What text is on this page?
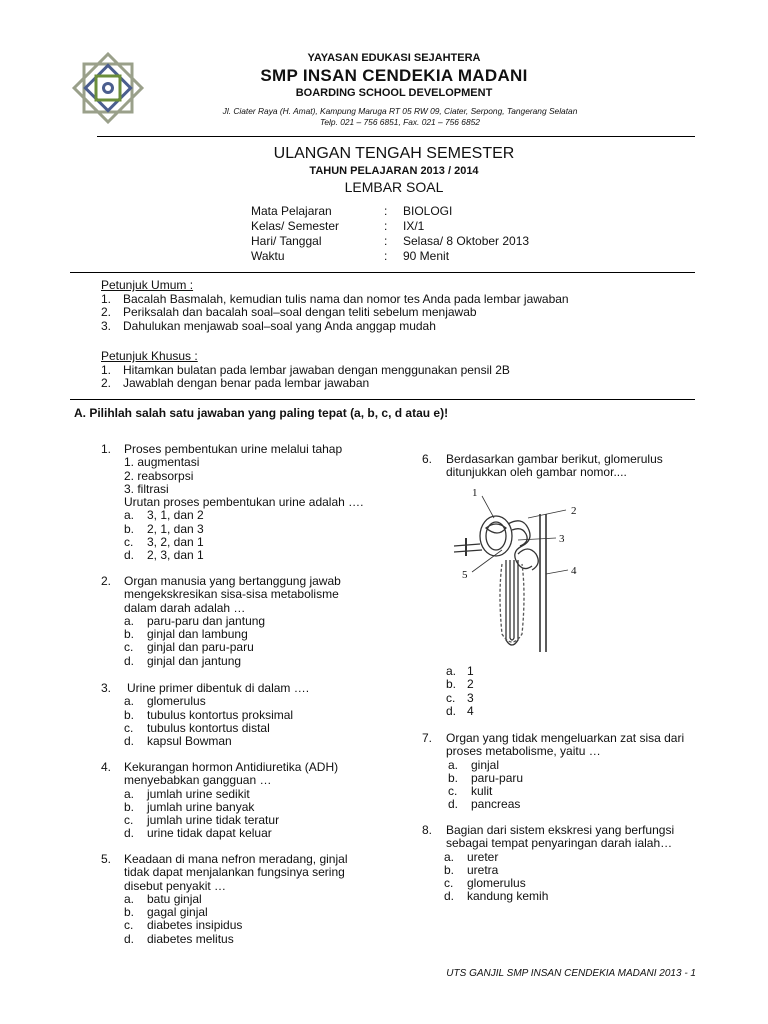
YAYASAN EDUKASI SEJAHTERA
SMP INSAN CENDEKIA MADANI
BOARDING SCHOOL DEVELOPMENT
Jl. Ciater Raya (H. Amat), Kampung Maruga RT 05 RW 09, Ciater, Serpong, Tangerang Selatan
Telp. 021 – 756 6851, Fax. 021 – 756 6852
ULANGAN TENGAH SEMESTER
TAHUN PELAJARAN 2013 / 2014
LEMBAR SOAL
Mata Pelajaran	: BIOLOGI
Kelas/ Semester	: IX/1
Hari/ Tanggal	: Selasa/ 8 Oktober 2013
Waktu	: 90 Menit
Petunjuk Umum :
1. Bacalah Basmalah, kemudian tulis nama dan nomor tes Anda pada lembar jawaban
2. Periksalah dan bacalah soal–soal dengan teliti sebelum menjawab
3. Dahulukan menjawab soal–soal yang Anda anggap mudah
Petunjuk Khusus :
1. Hitamkan bulatan pada lembar jawaban dengan menggunakan pensil 2B
2. Jawablah dengan benar pada lembar jawaban
A. Pilihlah salah satu jawaban yang paling tepat (a, b, c, d atau e)!
1. Proses pembentukan urine melalui tahap
1. augmentasi
2. reabsorpsi
3. filtrasi
Urutan proses pembentukan urine adalah ….
a. 3, 1, dan 2
b. 2, 1, dan 3
c. 3, 2, dan 1
d. 2, 3, dan 1
2. Organ manusia yang bertanggung jawab
mengekskresikan sisa-sisa metabolisme
dalam darah adalah …
a. paru-paru dan jantung
b. ginjal dan lambung
c. ginjal dan paru-paru
d. ginjal dan jantung
3. Urine primer dibentuk di dalam ….
a. glomerulus
b. tubulus kontortus proksimal
c. tubulus kontortus distal
d. kapsul Bowman
4. Kekurangan hormon Antidiuretika (ADH)
menyebabkan gangguan …
a. jumlah urine sedikit
b. jumlah urine banyak
c. jumlah urine tidak teratur
d. urine tidak dapat keluar
5. Keadaan di mana nefron meradang, ginjal
tidak dapat menjalankan fungsinya sering
disebut penyakit …
a. batu ginjal
b. gagal ginjal
c. diabetes insipidus
d. diabetes melitus
6. Berdasarkan gambar berikut, glomerulus
ditunjukkan oleh gambar nomor....
1
2
3
5	4
a. 1
b. 2
c. 3
d. 4
7. Organ yang tidak mengeluarkan zat sisa dari
proses metabolisme, yaitu …
a. ginjal
b. paru-paru
c. kulit
d. pancreas
8. Bagian dari sistem ekskresi yang berfungsi
sebagai tempat penyaringan darah ialah…
a. ureter
b. uretra
c. glomerulus
d. kandung kemih
UTS GANJIL SMP INSAN CENDEKIA MADANI 2013 - 1
